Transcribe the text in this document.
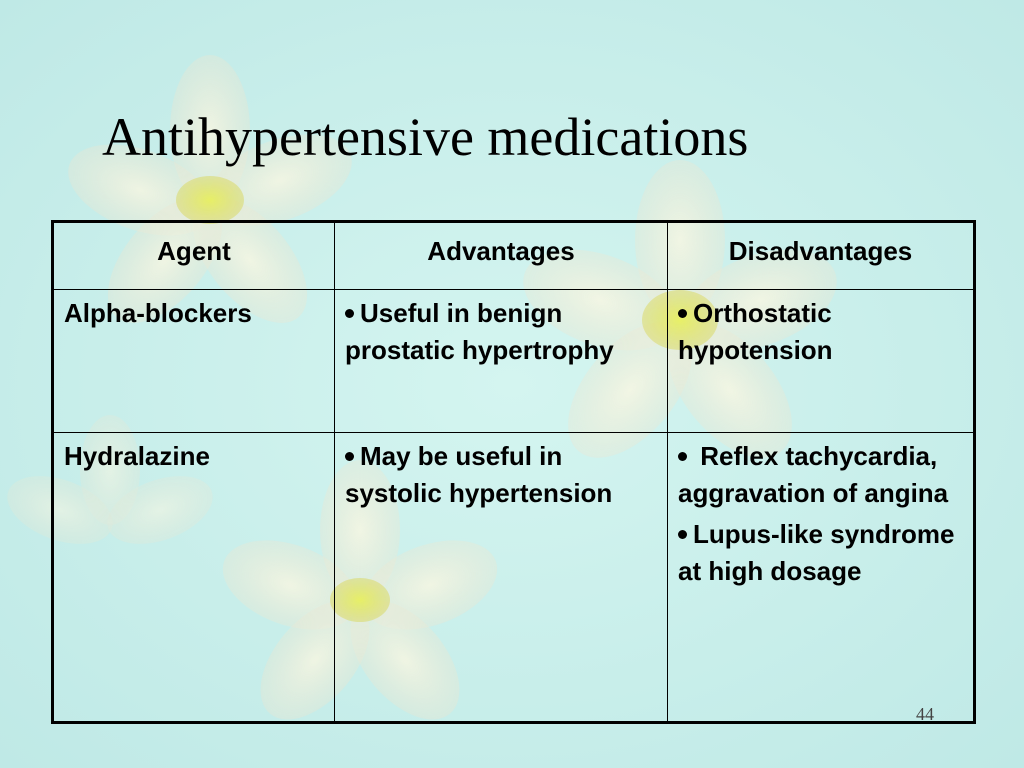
Antihypertensive medications
Agent	Advantages	Disadvantages
Alpha-blockers	Useful in benign prostatic hypertrophy	Orthostatic hypotension

Hydralazine	May be useful in systolic hypertension	Reflex tachycardia, aggravation of angina
Lupus-like syndrome at high dosage
44
